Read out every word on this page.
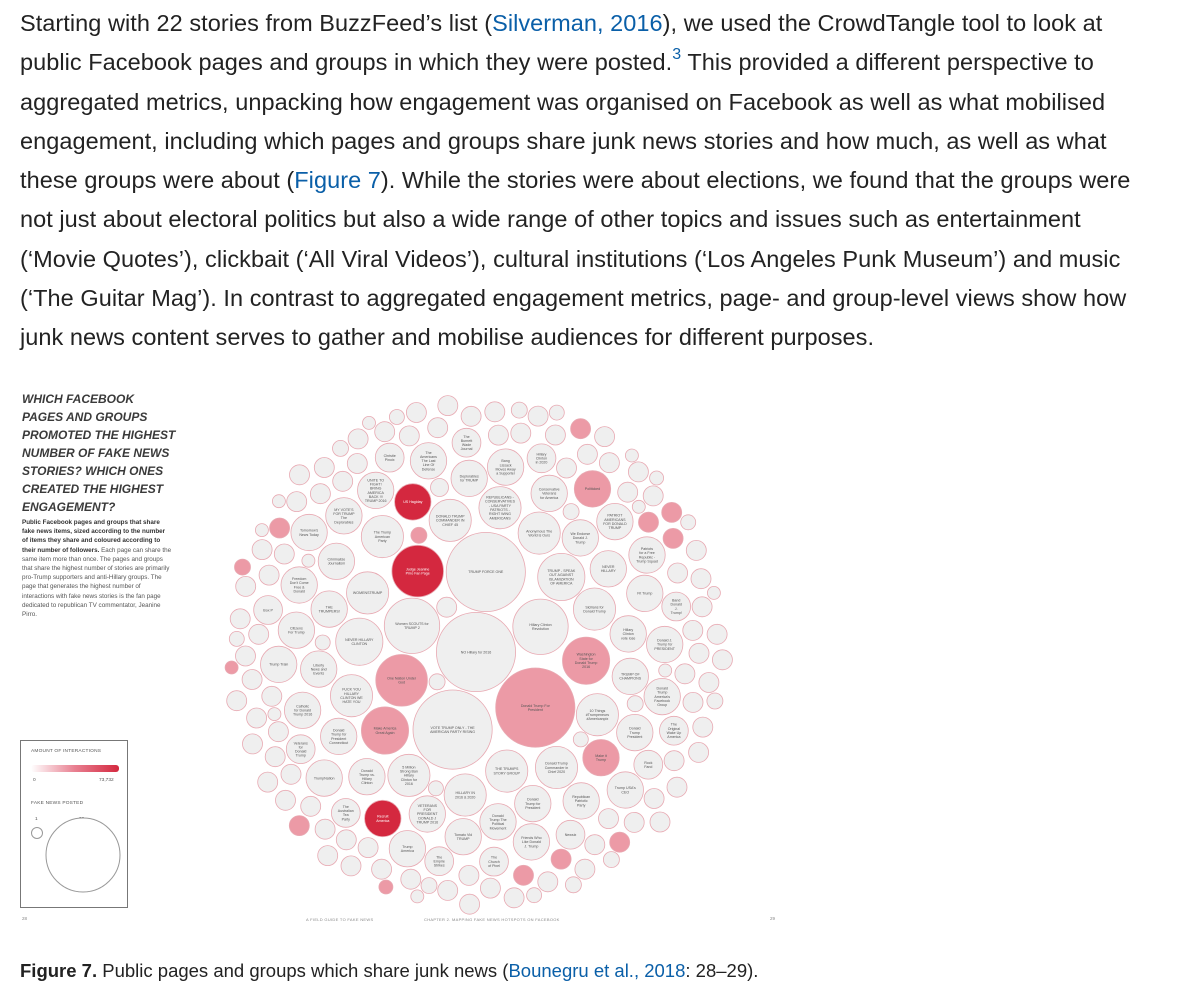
Starting with 22 stories from BuzzFeed’s list (Silverman, 2016), we used the CrowdTangle tool to look at
public Facebook pages and groups in which they were posted.$^3$ This provided a different perspective to
aggregated metrics, unpacking how engagement was organised on Facebook as well as what mobilised
engagement, including which pages and groups share junk news stories and how much, as well as what
these groups were about (Figure 7). While the stories were about elections, we found that the groups were
not just about electoral politics but also a wide range of other topics and issues such as entertainment
(‘Movie Quotes’), clickbait (‘All Viral Videos’), cultural institutions (‘Los Angeles Punk Museum’) and music
(‘The Guitar Mag’). In contrast to aggregated engagement metrics, page- and group-level views show how
junk news content serves to gather and mobilise audiences for different purposes.

NO Hillary for 2016
TRUMP FORCE ONE
VOTE TRUMP ONLY - THE
AMERICAN PARTY RISING
Donald Trump For
President
Women SCOUTS for
TRUMP 2
Hillary Clinton
Revolution
One Nation Under
God
Judge Jeanine
Pirro Fan Page
Washington
State for
Donald Trump
2016
TRUMP - SPEAK
OUT AGAINST
ISLAMIZATION
OF AMERICA
NEVER HILLARY
CLINTON
Make America
Great Again
THE TRUMPS
STORY GROUP
WOMENSTRUMP
Sicilians for
Donald Trump
DONALD TRUMP
COMMANDER IN
CHIEF 45
FUCK YOU
HILLARY
CLINTON WE
HATE YOU
Anonymous The
World is Ours
10 Things
#Trumpeneurs
#Americanpix
5 Million
Strong Ban
Hillary
Clinton for
2016
Donald Trump
Commander in
Chief 2020
HILLARY IN
2016 & 2020
REPUBLICANS -
CONSERVATIVES
- USA PARTY
PATRIOTS -
RIGHT WING
AMERICANS
The Trump
American
Party
We Endorse
Donald J.
Trump
THE
TRUMPERS!
Hillary
Clinton
vote lose
NEVER
HILLARY
TRUMP OF
CHAMPIONS
Donald
Trump for
President
Liberty
News and
Events
US Hagiday
Donald
Trump for
President
Connecticut
Make it
Trump
Donald
Trump vs.
Hillary
Clinton
VETERANS
FOR
PRESIDENT
DONALD J
TRUMP 2016
Criminalize
Journalism
Donald
Trump The
Political
Movement
Deplorables
for TRUMP
Conservative
Veterans
for America
Donald
Trump
President
Fit Trump
Republican
Patriotic
Party
Tomato Vid
TRUMP
Citizens
For Trump
Bang
Lissack
Moves Away
a Supporter
Catholic
for Donald
Trump 2016
UNITE TO
FIGHT!
BRING
AMERICA
BACK !!!
TRUMP 2016
Recruit
America
MY VOTE'S
FOR TRUMP
The
Deplorables
PATRIOT
AMERICANS
FOR DONALD
TRUMP
Freedom
Don't Come
Free &
Donald
Donald J.
Trump for
PRESIDENT
Donald
Trump
America's
Facebook
Group
The
Americans
The Last
Line Of
Defense
Friends Who
Like Donald
J. Trump
TrumpNation
Patriots
for a Free
Republic -
Trump Squad
Politicked
Trump Train
Trump USA's
CEO
Trump
America
Tomorrow's
News Today
Veterans
for
Donald
Trump
Hillary
Clinton
in 2020
Newsix
The
Australian
Tea
Party
The
Burnett
Wade
Journal
Rock
Fand
The
Church
of Pixel
Band
Donald
J.
Trump!
The
Empire
Strikes
Christie
Pinoix
Box P
The
Original
Wake Up
America
WHICH FACEBOOK
PAGES AND GROUPS
PROMOTED THE HIGHEST
NUMBER OF FAKE NEWS
STORIES? WHICH ONES
CREATED THE HIGHEST
ENGAGEMENT?

Public Facebook pages and groups that share fake news items, sized according to the number of items they share and coloured according to their number of followers. Each page can share the same item more than once. The pages and groups that share the highest number of stories are primarily pro-Trump supporters and anti-Hillary groups. The page that generates the highest number of interactions with fake news stories is the fan page dedicated to republican TV commentator, Jeanine Pirro.

AMOUNT OF INTERACTIONS
0	73,732
FAKE NEWS POSTED
1
28	29
A FIELD GUIDE TO FAKE NEWS	CHAPTER 2. MAPPING FAKE NEWS HOTSPOTS ON FACEBOOK

Figure 7. Public pages and groups which share junk news (Bounegru et al., 2018: 28–29).
